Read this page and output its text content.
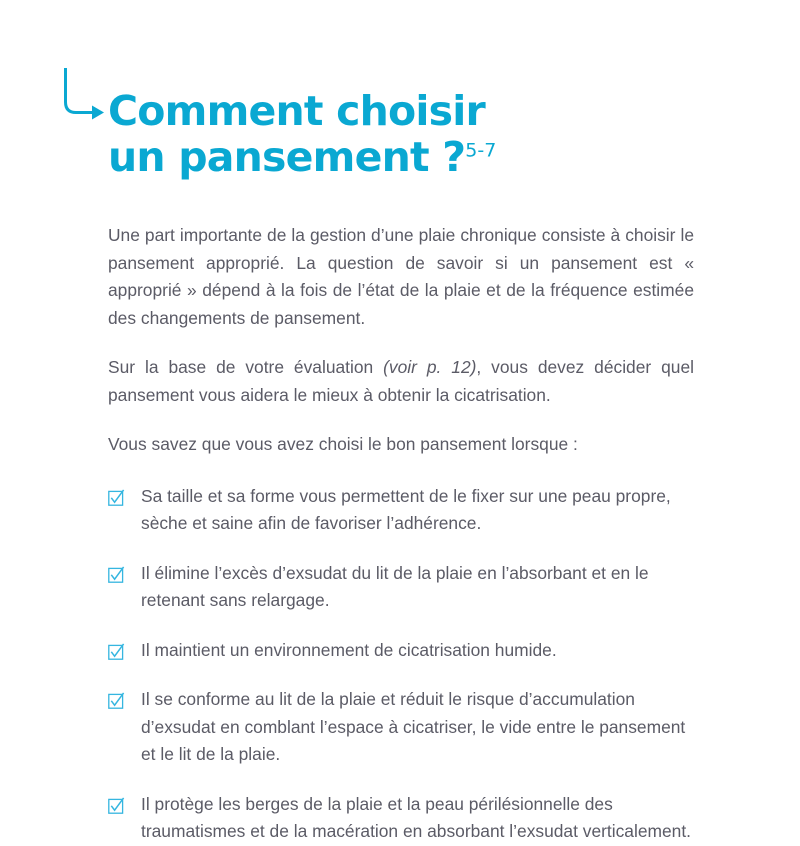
Comment choisir
un pansement ?$^{5-7}$

Une part importante de la gestion d’une plaie chronique consiste à choisir le pansement approprié. La question de savoir si un pansement est « approprié » dépend à la fois de l’état de la plaie et de la fréquence estimée des changements de pansement.

Sur la base de votre évaluation (voir p. 12), vous devez décider quel pansement vous aidera le mieux à obtenir la cicatrisation.

Vous savez que vous avez choisi le bon pansement lorsque :

Sa taille et sa forme vous permettent de le fixer sur une peau propre, sèche et saine afin de favoriser l’adhérence.
Il élimine l’excès d’exsudat du lit de la plaie en l’absorbant et en le retenant sans relargage.
Il maintient un environnement de cicatrisation humide.
Il se conforme au lit de la plaie et réduit le risque d’accumulation d’exsudat en comblant l’espace à cicatriser, le vide entre le pansement et le lit de la plaie.
Il protège les berges de la plaie et la peau périlésionnelle des traumatismes et de la macération en absorbant l’exsudat verticalement.
